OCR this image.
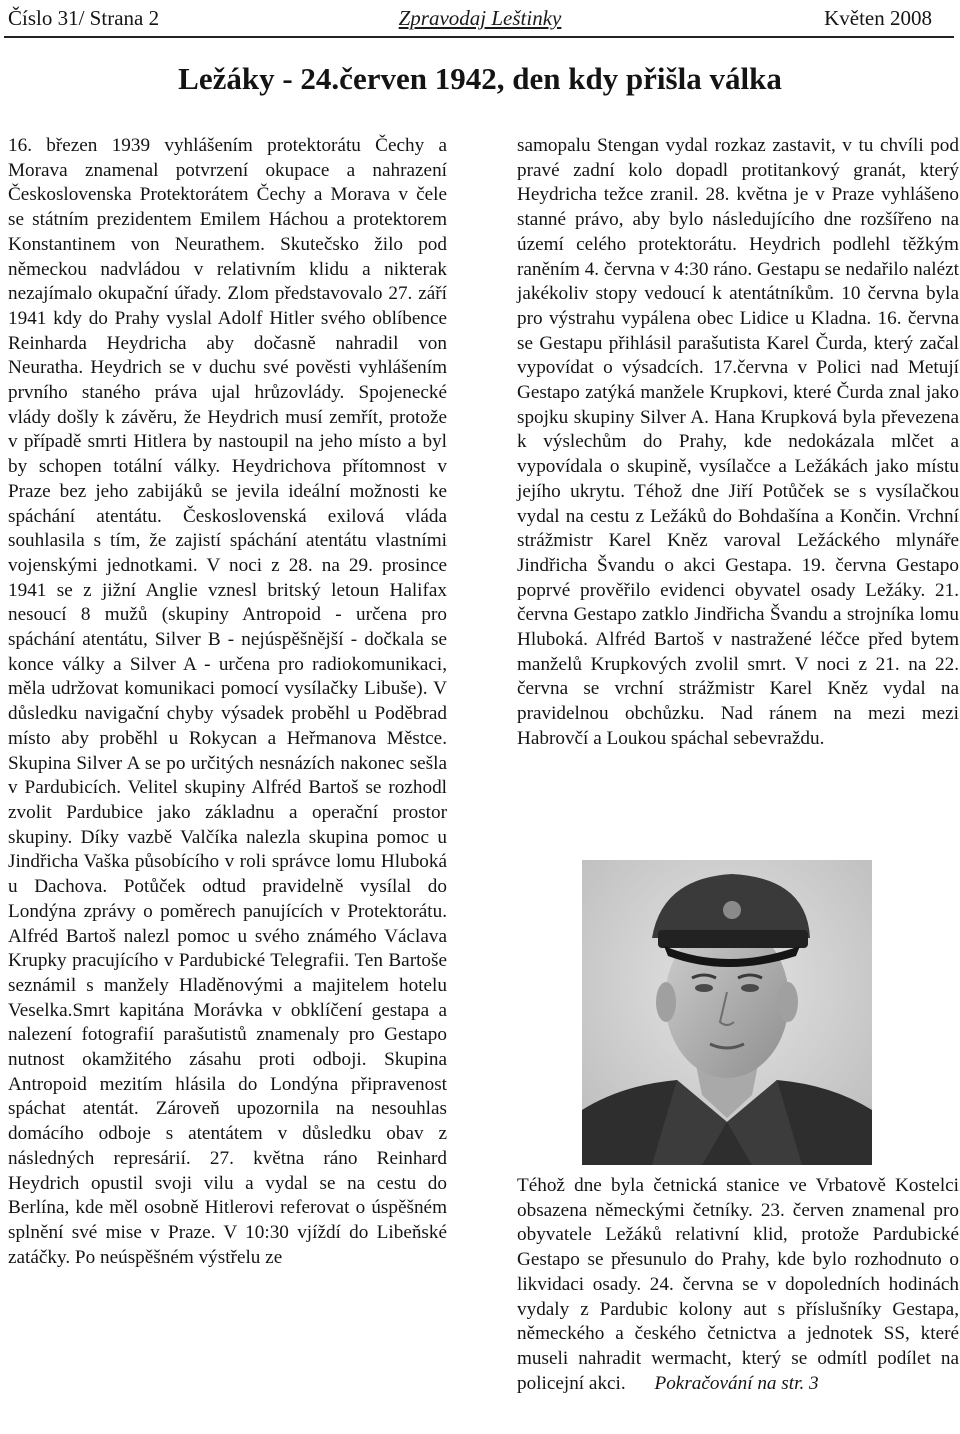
Číslo 31/ Strana 2	Zpravodaj Leštinky	Květen 2008
Ležáky - 24.červen 1942, den kdy přišla válka
16. březen 1939 vyhlášením protektorátu Čechy a Morava znamenal potvrzení okupace a nahrazení Československa Protektorátem Čechy a Morava v čele se státním prezidentem Emilem Háchou a protektorem Konstantinem von Neurathem. Skutečsko žilo pod německou nadvládou v relativním klidu a nikterak nezajímalo okupační úřady. Zlom představovalo 27. září 1941 kdy do Prahy vyslal Adolf Hitler svého oblíbence Reinharda Heydricha aby dočasně nahradil von Neuratha. Heydrich se v duchu své pověsti vyhlášením prvního staného práva ujal hrůzovlády. Spojenecké vlády došly k závěru, že Heydrich musí zemřít, protože v případě smrti Hitlera by nastoupil na jeho místo a byl by schopen totální války. Heydrichova přítomnost v Praze bez jeho zabijáků se jevila ideální možnosti ke spáchání atentátu. Československá exilová vláda souhlasila s tím, že zajistí spáchání atentátu vlastními vojenskými jednotkami. V noci z 28. na 29. prosince 1941 se z jižní Anglie vznesl britský letoun Halifax nesoucí 8 mužů (skupiny Antropoid - určena pro spáchání atentátu, Silver B - nejúspěšnější - dočkala se konce války a Silver A - určena pro radiokomunikaci, měla udržovat komunikaci pomocí vysílačky Libuše). V důsledku navigační chyby výsadek proběhl u Poděbrad místo aby proběhl u Rokycan a Heřmanova Městce. Skupina Silver A se po určitých nesnázích nakonec sešla v Pardubicích. Velitel skupiny Alfréd Bartoš se rozhodl zvolit Pardubice jako základnu a operační prostor skupiny. Díky vazbě Valčíka nalezla skupina pomoc u Jindřicha Vaška působícího v roli správce lomu Hluboká u Dachova. Potůček odtud pravidelně vysílal do Londýna zprávy o poměrech panujících v Protektorátu. Alfréd Bartoš nalezl pomoc u svého známého Václava Krupky pracujícího v Pardubické Telegrafii. Ten Bartoše seznámil s manžely Hladěnovými a majitelem hotelu Veselka.Smrt kapitána Morávka v obklíčení gestapa a nalezení fotografií parašutistů znamenaly pro Gestapo nutnost okamžitého zásahu proti odboji. Skupina Antropoid mezitím hlásila do Londýna připravenost spáchat atentát. Zároveň upozornila na nesouhlas domácího odboje s atentátem v důsledku obav z následných represárií. 27. května ráno Reinhard Heydrich opustil svoji vilu a vydal se na cestu do Berlína, kde měl osobně Hitlerovi referovat o úspěšném splnění své mise v Praze. V 10:30 vjíždí do Libeňské zatáčky. Po neúspěšném výstřelu ze
samopalu Stengan vydal rozkaz zastavit, v tu chvíli pod pravé zadní kolo dopadl protitankový granát, který Heydricha težce zranil. 28. května je v Praze vyhlášeno stanné právo, aby bylo následujícího dne rozšířeno na území celého protektorátu. Heydrich podlehl těžkým raněním 4. června v 4:30 ráno. Gestapu se nedařilo nalézt jakékoliv stopy vedoucí k atentátníkům. 10 června byla pro výstrahu vypálena obec Lidice u Kladna. 16. června se Gestapu přihlásil parašutista Karel Čurda, který začal vypovídat o výsadcích. 17.června v Polici nad Metují Gestapo zatýká manžele Krupkovi, které Čurda znal jako spojku skupiny Silver A. Hana Krupková byla převezena k výslechům do Prahy, kde nedokázala mlčet a vypovídala o skupině, vysílačce a Ležákách jako místu jejího ukrytu. Téhož dne Jiří Potůček se s vysílačkou vydal na cestu z Ležáků do Bohdašína a Končin. Vrchní strážmistr Karel Kněz varoval Ležáckého mlynáře Jindřicha Švandu o akci Gestapa. 19. června Gestapo poprvé prověřilo evidenci obyvatel osady Ležáky. 21. června Gestapo zatklo Jindřicha Švandu a strojníka lomu Hluboká. Alfréd Bartoš v nastražené léčce před bytem manželů Krupkových zvolil smrt. V noci z 21. na 22. června se vrchní strážmistr Karel Kněz vydal na pravidelnou obchůzku. Nad ránem na mezi mezi Habrovčí a Loukou spáchal sebevraždu.
Téhož dne byla četnická stanice ve Vrbatově Kostelci obsazena německými četníky. 23. červen znamenal pro obyvatele Ležáků relativní klid, protože Pardubické Gestapo se přesunulo do Prahy, kde bylo rozhodnuto o likvidaci osady. 24. června se v dopoledních hodinách vydaly z Pardubic kolony aut s příslušníky Gestapa, německého a českého četnictva a jednotek SS, které museli nahradit wermacht, který se odmítl podílet na policejní akci. Pokračování na str. 3
